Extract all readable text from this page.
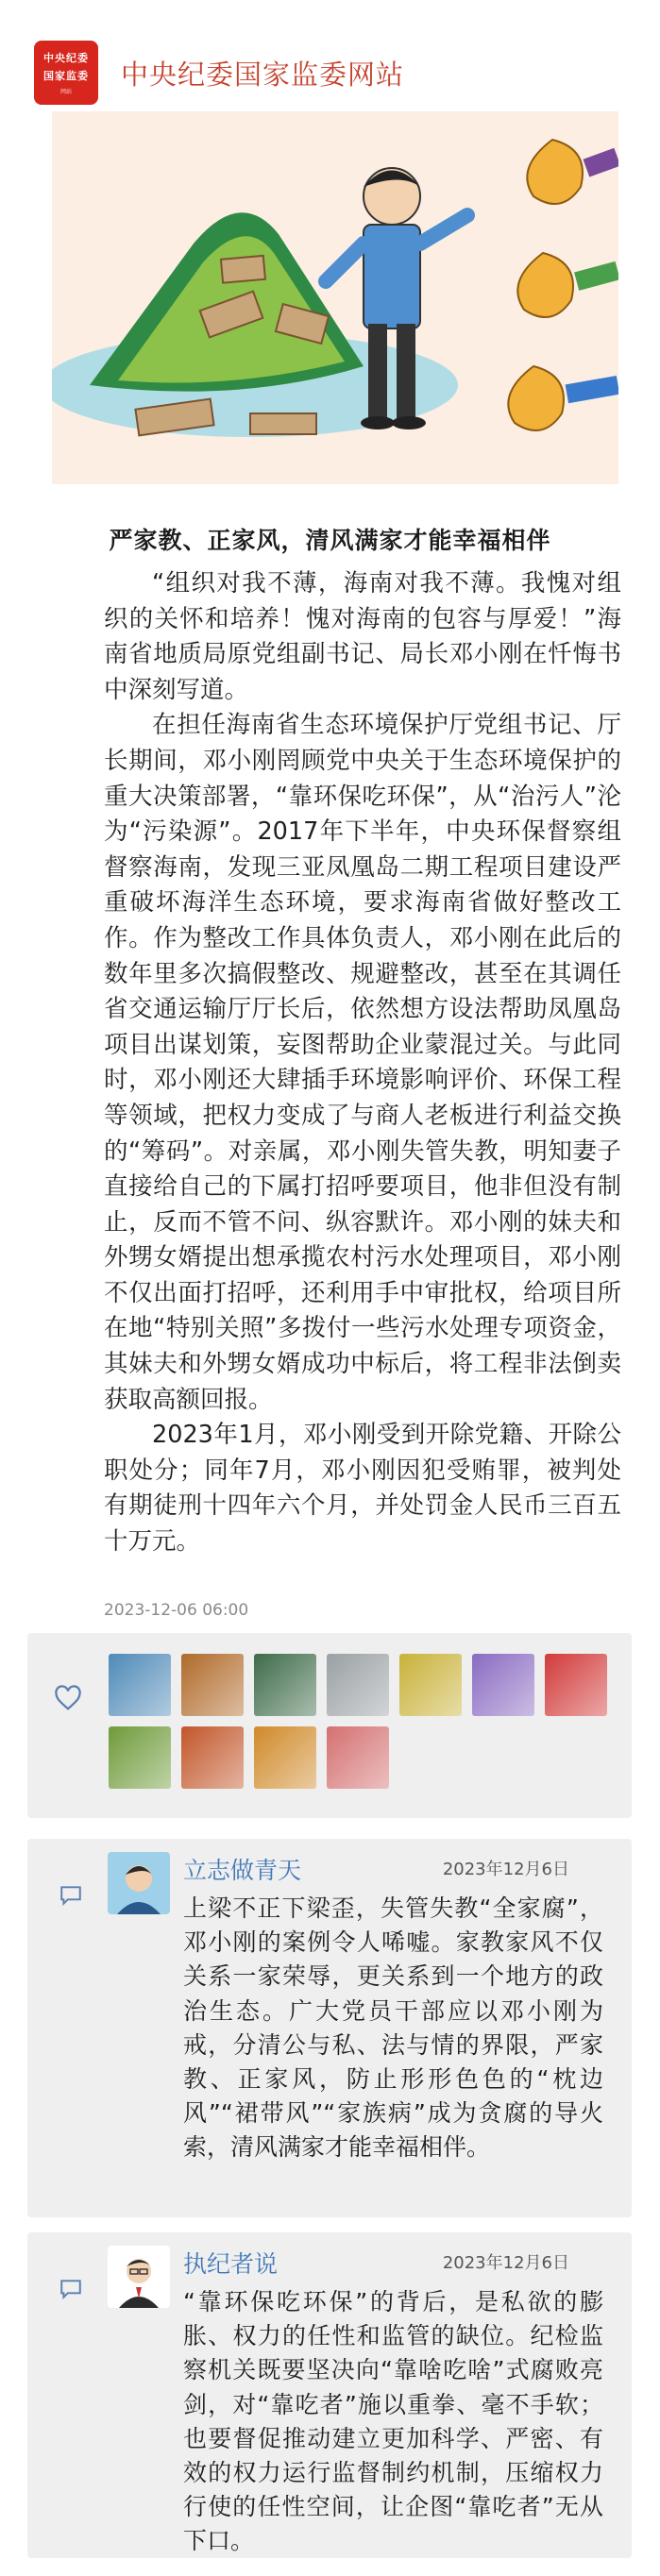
中央纪委
国家监委
网站
中央纪委国家监委网站
严家教、正家风，清风满家才能幸福相伴

“组织对我不薄，海南对我不薄。我愧对组织的关怀和培养！愧对海南的包容与厚爱！”海南省地质局原党组副书记、局长邓小刚在忏悔书中深刻写道。

在担任海南省生态环境保护厅党组书记、厅长期间，邓小刚罔顾党中央关于生态环境保护的重大决策部署，“靠环保吃环保”，从“治污人”沦为“污染源”。2017年下半年，中央环保督察组督察海南，发现三亚凤凰岛二期工程项目建设严重破坏海洋生态环境，要求海南省做好整改工作。作为整改工作具体负责人，邓小刚在此后的数年里多次搞假整改、规避整改，甚至在其调任省交通运输厅厅长后，依然想方设法帮助凤凰岛项目出谋划策，妄图帮助企业蒙混过关。与此同时，邓小刚还大肆插手环境影响评价、环保工程等领域，把权力变成了与商人老板进行利益交换的“筹码”。对亲属，邓小刚失管失教，明知妻子直接给自己的下属打招呼要项目，他非但没有制止，反而不管不问、纵容默许。邓小刚的妹夫和外甥女婿提出想承揽农村污水处理项目，邓小刚不仅出面打招呼，还利用手中审批权，给项目所在地“特别关照”多拨付一些污水处理专项资金，其妹夫和外甥女婿成功中标后，将工程非法倒卖获取高额回报。

2023年1月，邓小刚受到开除党籍、开除公职处分；同年7月，邓小刚因犯受贿罪，被判处有期徒刑十四年六个月，并处罚金人民币三百五十万元。

2023-12-06 06:00
立志做青天	2023年12月6日
上梁不正下梁歪，失管失教“全家腐”，邓小刚的案例令人唏嘘。家教家风不仅关系一家荣辱，更关系到一个地方的政治生态。广大党员干部应以邓小刚为戒，分清公与私、法与情的界限，严家教、正家风，防止形形色色的“枕边风”“裙带风”“家族病”成为贪腐的导火索，清风满家才能幸福相伴。
执纪者说	2023年12月6日
“靠环保吃环保”的背后，是私欲的膨胀、权力的任性和监管的缺位。纪检监察机关既要坚决向“靠啥吃啥”式腐败亮剑，对“靠吃者”施以重拳、毫不手软；也要督促推动建立更加科学、严密、有效的权力运行监督制约机制，压缩权力行使的任性空间，让企图“靠吃者”无从下口。
